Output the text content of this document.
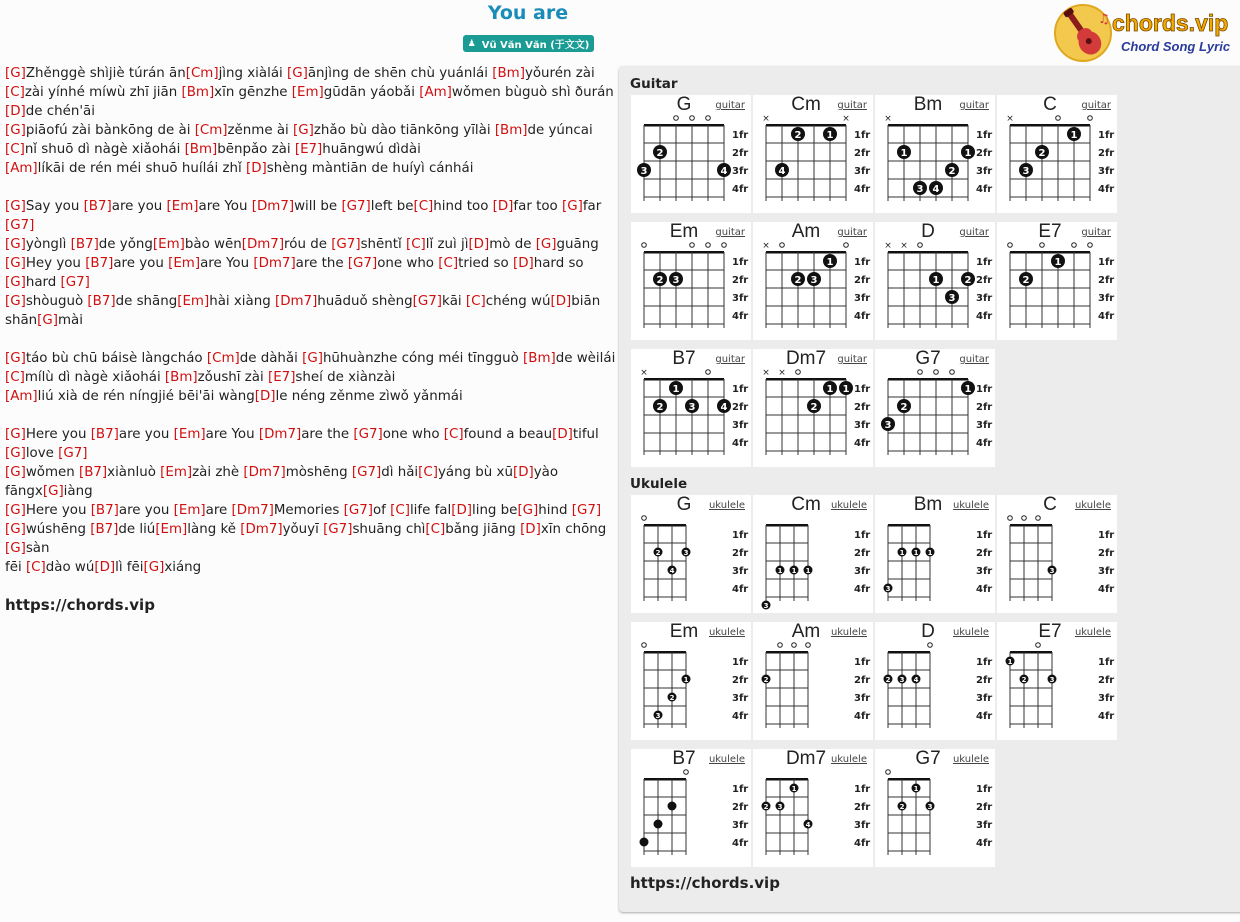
You are
♟ Vũ Văn Văn (于文文)
♫ chords.vip
Chord Song Lyric
[G]Zhěnggè shìjiè túrán ān[Cm]jìng xiàlái [G]ānjìng de shēn chù yuánlái [Bm]yǒurén zài
[C]zài yínhé míwù zhī jiān [Bm]xīn gēnzhe [Em]gūdān yáobǎi [Am]wǒmen bùguò shì ðurán [D]de chén'āi
[G]piāofú zài bànkōng de ài [Cm]zěnme ài [G]zhǎo bù dào tiānkōng yīlài [Bm]de yúncai
[C]nǐ shuō dì nàgè xiǎohái [Bm]bēnpǎo zài [E7]huāngwú dìdài
[Am]líkāi de rén méi shuō huílái zhǐ [D]shèng màntiān de huíyì cánhái
[G]Say you [B7]are you [Em]are You [Dm7]will be [G7]left be[C]hind too [D]far too [G]far [G7]
[G]yònglì [B7]de yǒng[Em]bào wēn[Dm7]róu de [G7]shēntǐ [C]lǐ zuì jì[D]mò de [G]guāng
[G]Hey you [B7]are you [Em]are You [Dm7]are the [G7]one who [C]tried so [D]hard so [G]hard [G7]
[G]shòuguò [B7]de shāng[Em]hài xiàng [Dm7]huāduǒ shèng[G7]kāi [C]chéng wú[D]biān shān[G]mài
[G]táo bù chū báisè làngcháo [Cm]de dàhǎi [G]hūhuànzhe cóng méi tīngguò [Bm]de wèilái
[C]mílù dì nàgè xiǎohái [Bm]zǒushī zài [E7]sheí de xiànzài
[Am]liú xià de rén níngjié bēi'āi wàng[D]le néng zěnme zìwǒ yǎnmái
[G]Here you [B7]are you [Em]are You [Dm7]are the [G7]one who [C]found a beau[D]tiful [G]love [G7]
[G]wǒmen [B7]xiànluò [Em]zài zhè [Dm7]mòshēng [G7]dì hǎi[C]yáng bù xū[D]yào fāngx[G]iàng
[G]Here you [B7]are you [Em]are [Dm7]Memories [G7]of [C]life fal[D]ling be[G]hind [G7]
[G]wúshēng [B7]de liú[Em]làng kě [Dm7]yǒuyī [G7]shuāng chì[C]bǎng jiāng [D]xīn chōng [G]sàn
fēi [C]dào wú[D]lì fēi[G]xiáng
https://chords.vip
Guitar
G	guitar
1fr
2fr
3fr
4fr
2
3	4
Cm	guitar
1fr
2fr
3fr
4fr
×	×
2	1
4
Bm	guitar
1fr
2fr
3fr
4fr
×
1	1
2
3 4
C	guitar
1fr
2fr
3fr
4fr
×
1
2
3
Em	guitar
1fr
2fr
3fr
4fr
2 3
Am	guitar
1fr
2fr
3fr
4fr
×
1
2 3
D	guitar
1fr
2fr
3fr
4fr
× ×
1	2
3
E7	guitar
1fr
2fr
3fr
4fr
1
2
B7	guitar
1fr
2fr
3fr
4fr
×
1
2	3	4
Dm7	guitar
1fr
2fr
3fr
4fr
× ×
1 1
2
G7	guitar
1fr
2fr
3fr
4fr
1
2
3
Ukulele
G	ukulele
1fr
2fr
3fr
4fr
2	3
4
Cm	ukulele
1fr
2fr
3fr
4fr
1 1 1
3
Bm	ukulele
1fr
2fr
3fr
4fr
1 1 1
3
C	ukulele
1fr
2fr
3fr
4fr
3
Em	ukulele
1fr
2fr
3fr
4fr
1
2
3
Am	ukulele
1fr
2fr
3fr
4fr
2
D	ukulele
1fr
2fr
3fr
4fr
2 3 4
E7	ukulele
1fr
2fr
3fr
4fr
1
2	3
B7	ukulele
1fr
2fr
3fr
4fr
Dm7 ukulele
1fr
2fr
3fr
4fr
1
2 3
4
G7	ukulele
1fr
2fr
3fr
4fr
1
2	3
https://chords.vip
